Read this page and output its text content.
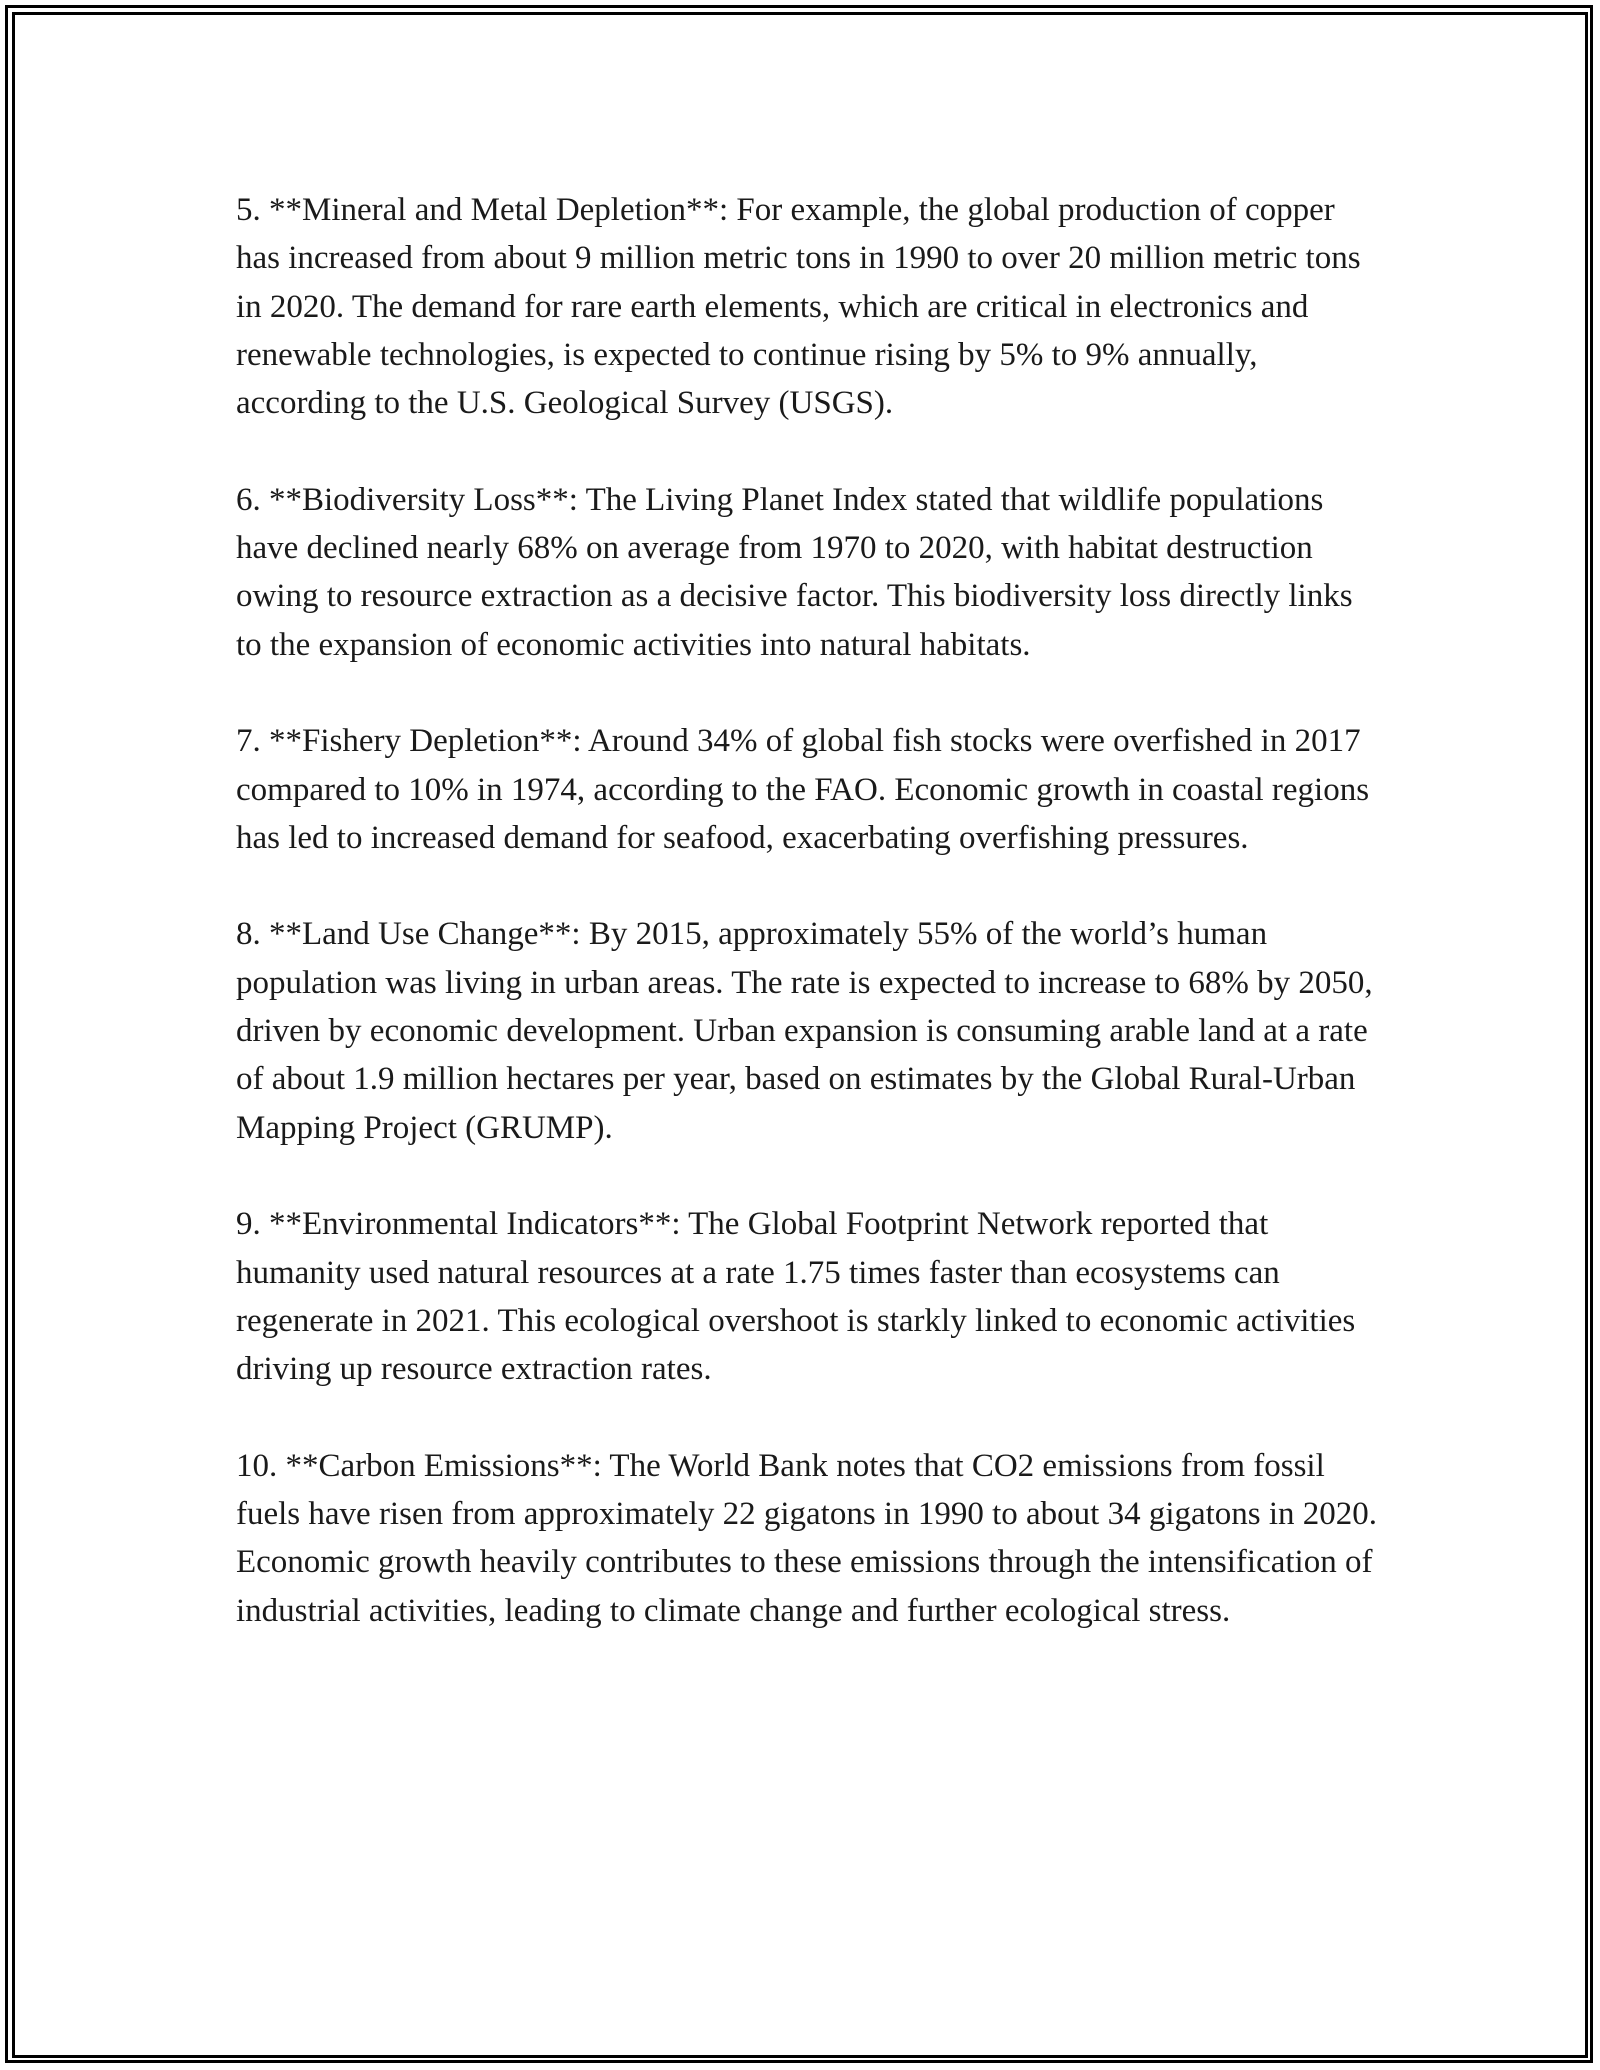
5. **Mineral and Metal Depletion**: For example, the global production of copper has increased from about 9 million metric tons in 1990 to over 20 million metric tons in 2020. The demand for rare earth elements, which are critical in electronics and renewable technologies, is expected to continue rising by 5% to 9% annually, according to the U.S. Geological Survey (USGS).

6. **Biodiversity Loss**: The Living Planet Index stated that wildlife populations have declined nearly 68% on average from 1970 to 2020, with habitat destruction owing to resource extraction as a decisive factor. This biodiversity loss directly links to the expansion of economic activities into natural habitats.

7. **Fishery Depletion**: Around 34% of global fish stocks were overfished in 2017 compared to 10% in 1974, according to the FAO. Economic growth in coastal regions has led to increased demand for seafood, exacerbating overfishing pressures.

8. **Land Use Change**: By 2015, approximately 55% of the world’s human population was living in urban areas. The rate is expected to increase to 68% by 2050, driven by economic development. Urban expansion is consuming arable land at a rate of about 1.9 million hectares per year, based on estimates by the Global Rural-Urban Mapping Project (GRUMP).

9. **Environmental Indicators**: The Global Footprint Network reported that humanity used natural resources at a rate 1.75 times faster than ecosystems can regenerate in 2021. This ecological overshoot is starkly linked to economic activities driving up resource extraction rates.

10. **Carbon Emissions**: The World Bank notes that CO2 emissions from fossil fuels have risen from approximately 22 gigatons in 1990 to about 34 gigatons in 2020. Economic growth heavily contributes to these emissions through the intensification of industrial activities, leading to climate change and further ecological stress.
